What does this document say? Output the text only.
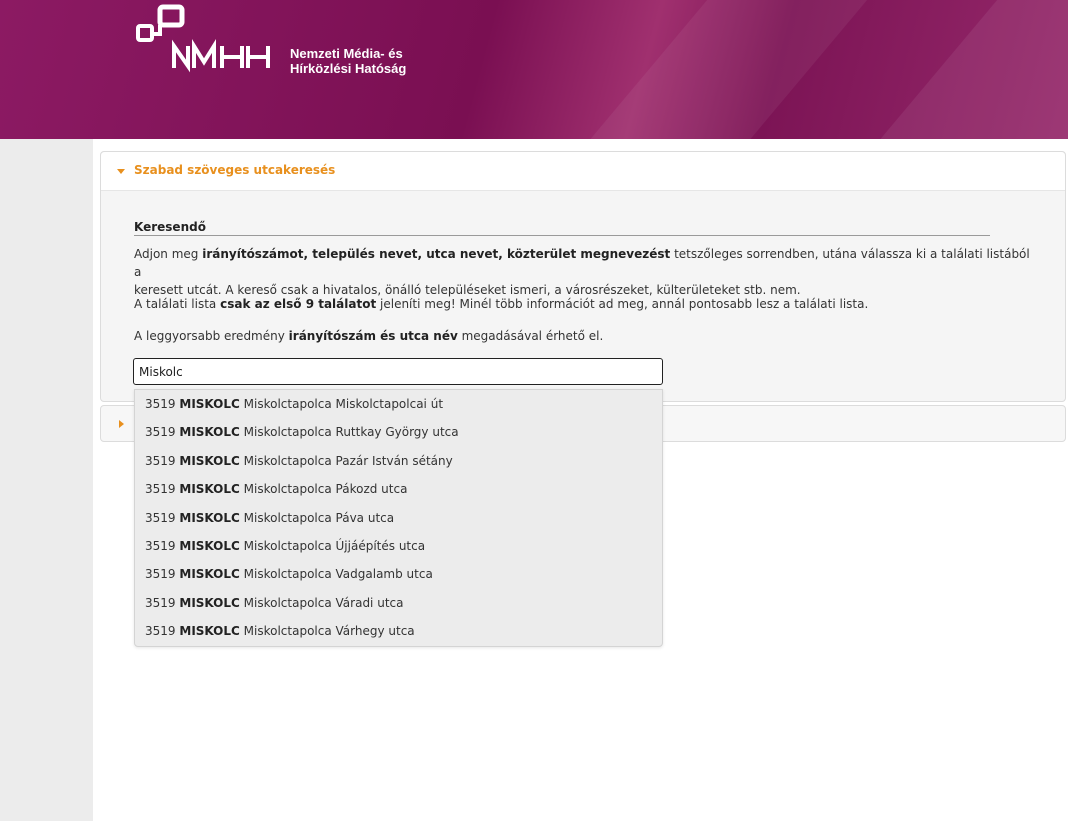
Nemzeti Média- és
Hírközlési Hatóság
Szabad szöveges utcakeresés
Keresendő
Adjon meg irányítószámot, település nevet, utca nevet, közterület megnevezést tetszőleges sorrendben, utána válassza ki a találati listából a
keresett utcát. A kereső csak a hivatalos, önálló településeket ismeri, a városrészeket, külterületeket stb. nem.
A találati lista csak az első 9 találatot jeleníti meg! Minél több információt ad meg, annál pontosabb lesz a találati lista.
A leggyorsabb eredmény irányítószám és utca név megadásával érhető el.
Miskolc
3519 MISKOLC Miskolctapolca Miskolctapolcai út
3519 MISKOLC Miskolctapolca Ruttkay György utca
3519 MISKOLC Miskolctapolca Pazár István sétány
3519 MISKOLC Miskolctapolca Pákozd utca
3519 MISKOLC Miskolctapolca Páva utca
3519 MISKOLC Miskolctapolca Újjáépítés utca
3519 MISKOLC Miskolctapolca Vadgalamb utca
3519 MISKOLC Miskolctapolca Váradi utca
3519 MISKOLC Miskolctapolca Várhegy utca
